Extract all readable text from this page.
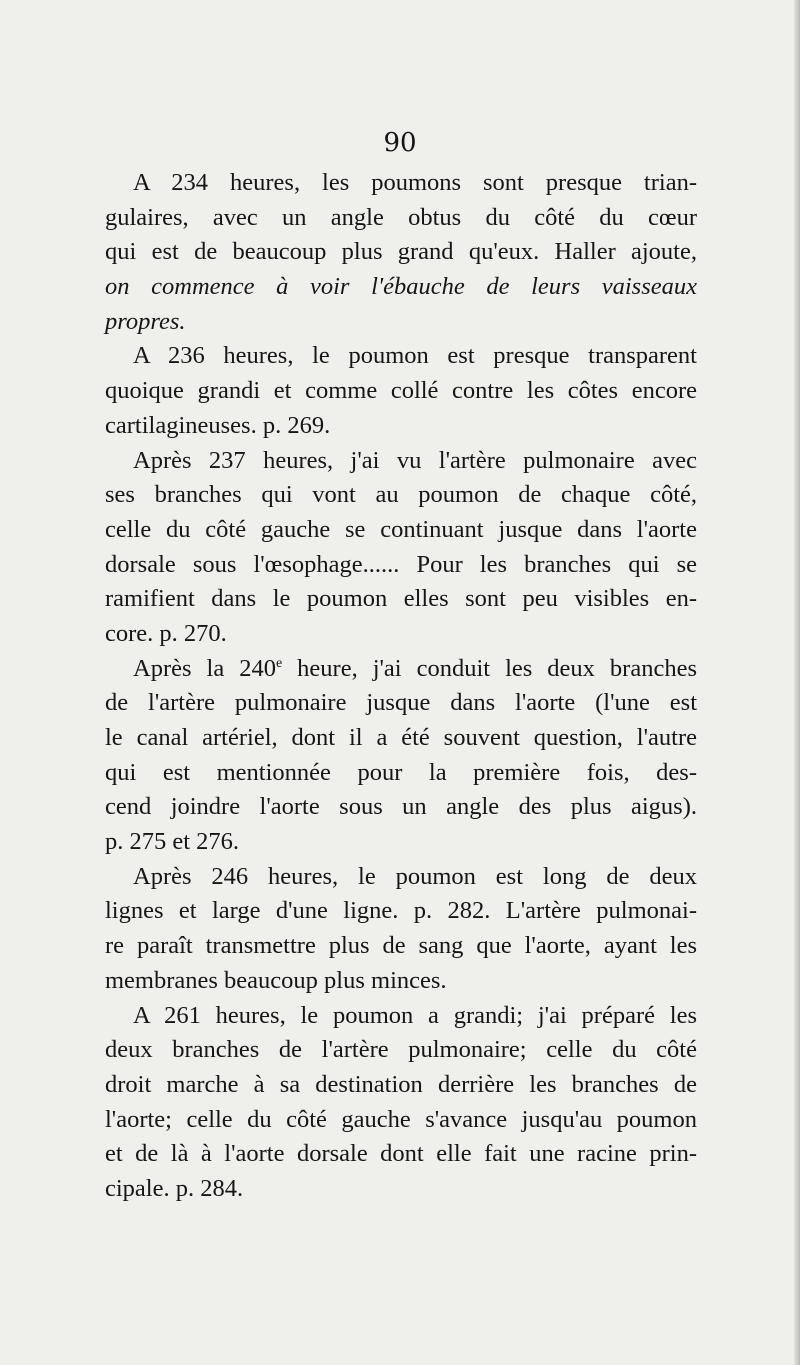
90
A 234 heures, les poumons sont presque trian-
gulaires, avec un angle obtus du côté du cœur
qui est de beaucoup plus grand qu'eux. Haller ajoute,
on commence à voir l'ébauche de leurs vaisseaux
propres.
A 236 heures, le poumon est presque transparent
quoique grandi et comme collé contre les côtes encore
cartilagineuses. p. 269.
Après 237 heures, j'ai vu l'artère pulmonaire avec
ses branches qui vont au poumon de chaque côté,
celle du côté gauche se continuant jusque dans l'aorte
dorsale sous l'œsophage...... Pour les branches qui se
ramifient dans le poumon elles sont peu visibles en-
core. p. 270.
Après la 240e heure, j'ai conduit les deux branches
de l'artère pulmonaire jusque dans l'aorte (l'une est
le canal artériel, dont il a été souvent question, l'autre
qui est mentionnée pour la première fois, des-
cend joindre l'aorte sous un angle des plus aigus).
p. 275 et 276.
Après 246 heures, le poumon est long de deux
lignes et large d'une ligne. p. 282. L'artère pulmonai-
re paraît transmettre plus de sang que l'aorte, ayant les
membranes beaucoup plus minces.
A 261 heures, le poumon a grandi; j'ai préparé les
deux branches de l'artère pulmonaire; celle du côté
droit marche à sa destination derrière les branches de
l'aorte; celle du côté gauche s'avance jusqu'au poumon
et de là à l'aorte dorsale dont elle fait une racine prin-
cipale. p. 284.
